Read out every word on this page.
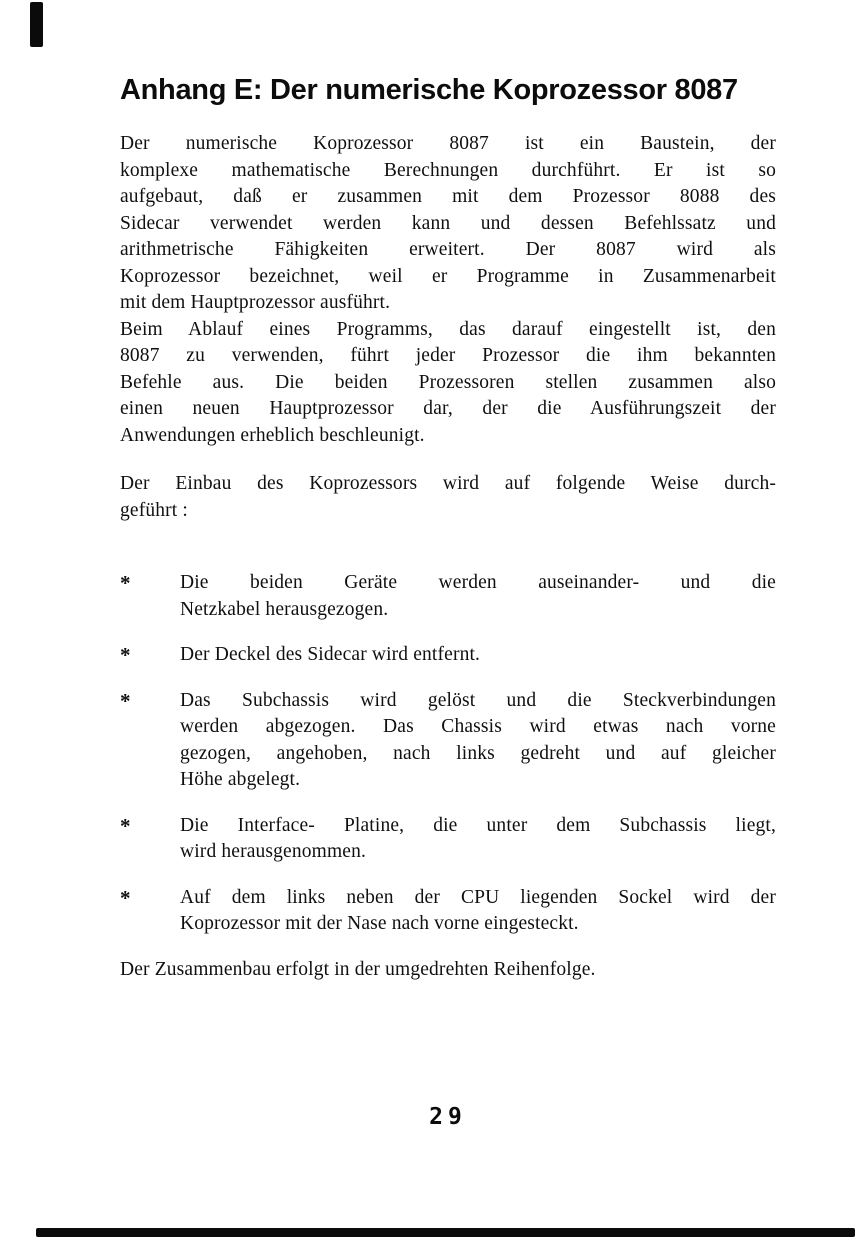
Anhang E: Der numerische Koprozessor 8087
Der numerische Koprozessor 8087 ist ein Baustein, der
komplexe mathematische Berechnungen durchführt. Er ist so
aufgebaut, daß er zusammen mit dem Prozessor 8088 des
Sidecar verwendet werden kann und dessen Befehlssatz und
arithmetrische Fähigkeiten erweitert. Der 8087 wird als
Koprozessor bezeichnet, weil er Programme in Zusammenarbeit
mit dem Hauptprozessor ausführt.
Beim Ablauf eines Programms, das darauf eingestellt ist, den
8087 zu verwenden, führt jeder Prozessor die ihm bekannten
Befehle aus. Die beiden Prozessoren stellen zusammen also
einen neuen Hauptprozessor dar, der die Ausführungszeit der
Anwendungen erheblich beschleunigt.
Der Einbau des Koprozessors wird auf folgende Weise durch-
geführt :
*	Die beiden Geräte werden auseinander- und die
Netzkabel herausgezogen.
*	Der Deckel des Sidecar wird entfernt.
*	Das Subchassis wird gelöst und die Steckverbindungen
werden abgezogen. Das Chassis wird etwas nach vorne
gezogen, angehoben, nach links gedreht und auf gleicher
Höhe abgelegt.
*	Die Interface- Platine, die unter dem Subchassis liegt,
wird herausgenommen.
*	Auf dem links neben der CPU liegenden Sockel wird der
Koprozessor mit der Nase nach vorne eingesteckt.
Der Zusammenbau erfolgt in der umgedrehten Reihenfolge.
29
